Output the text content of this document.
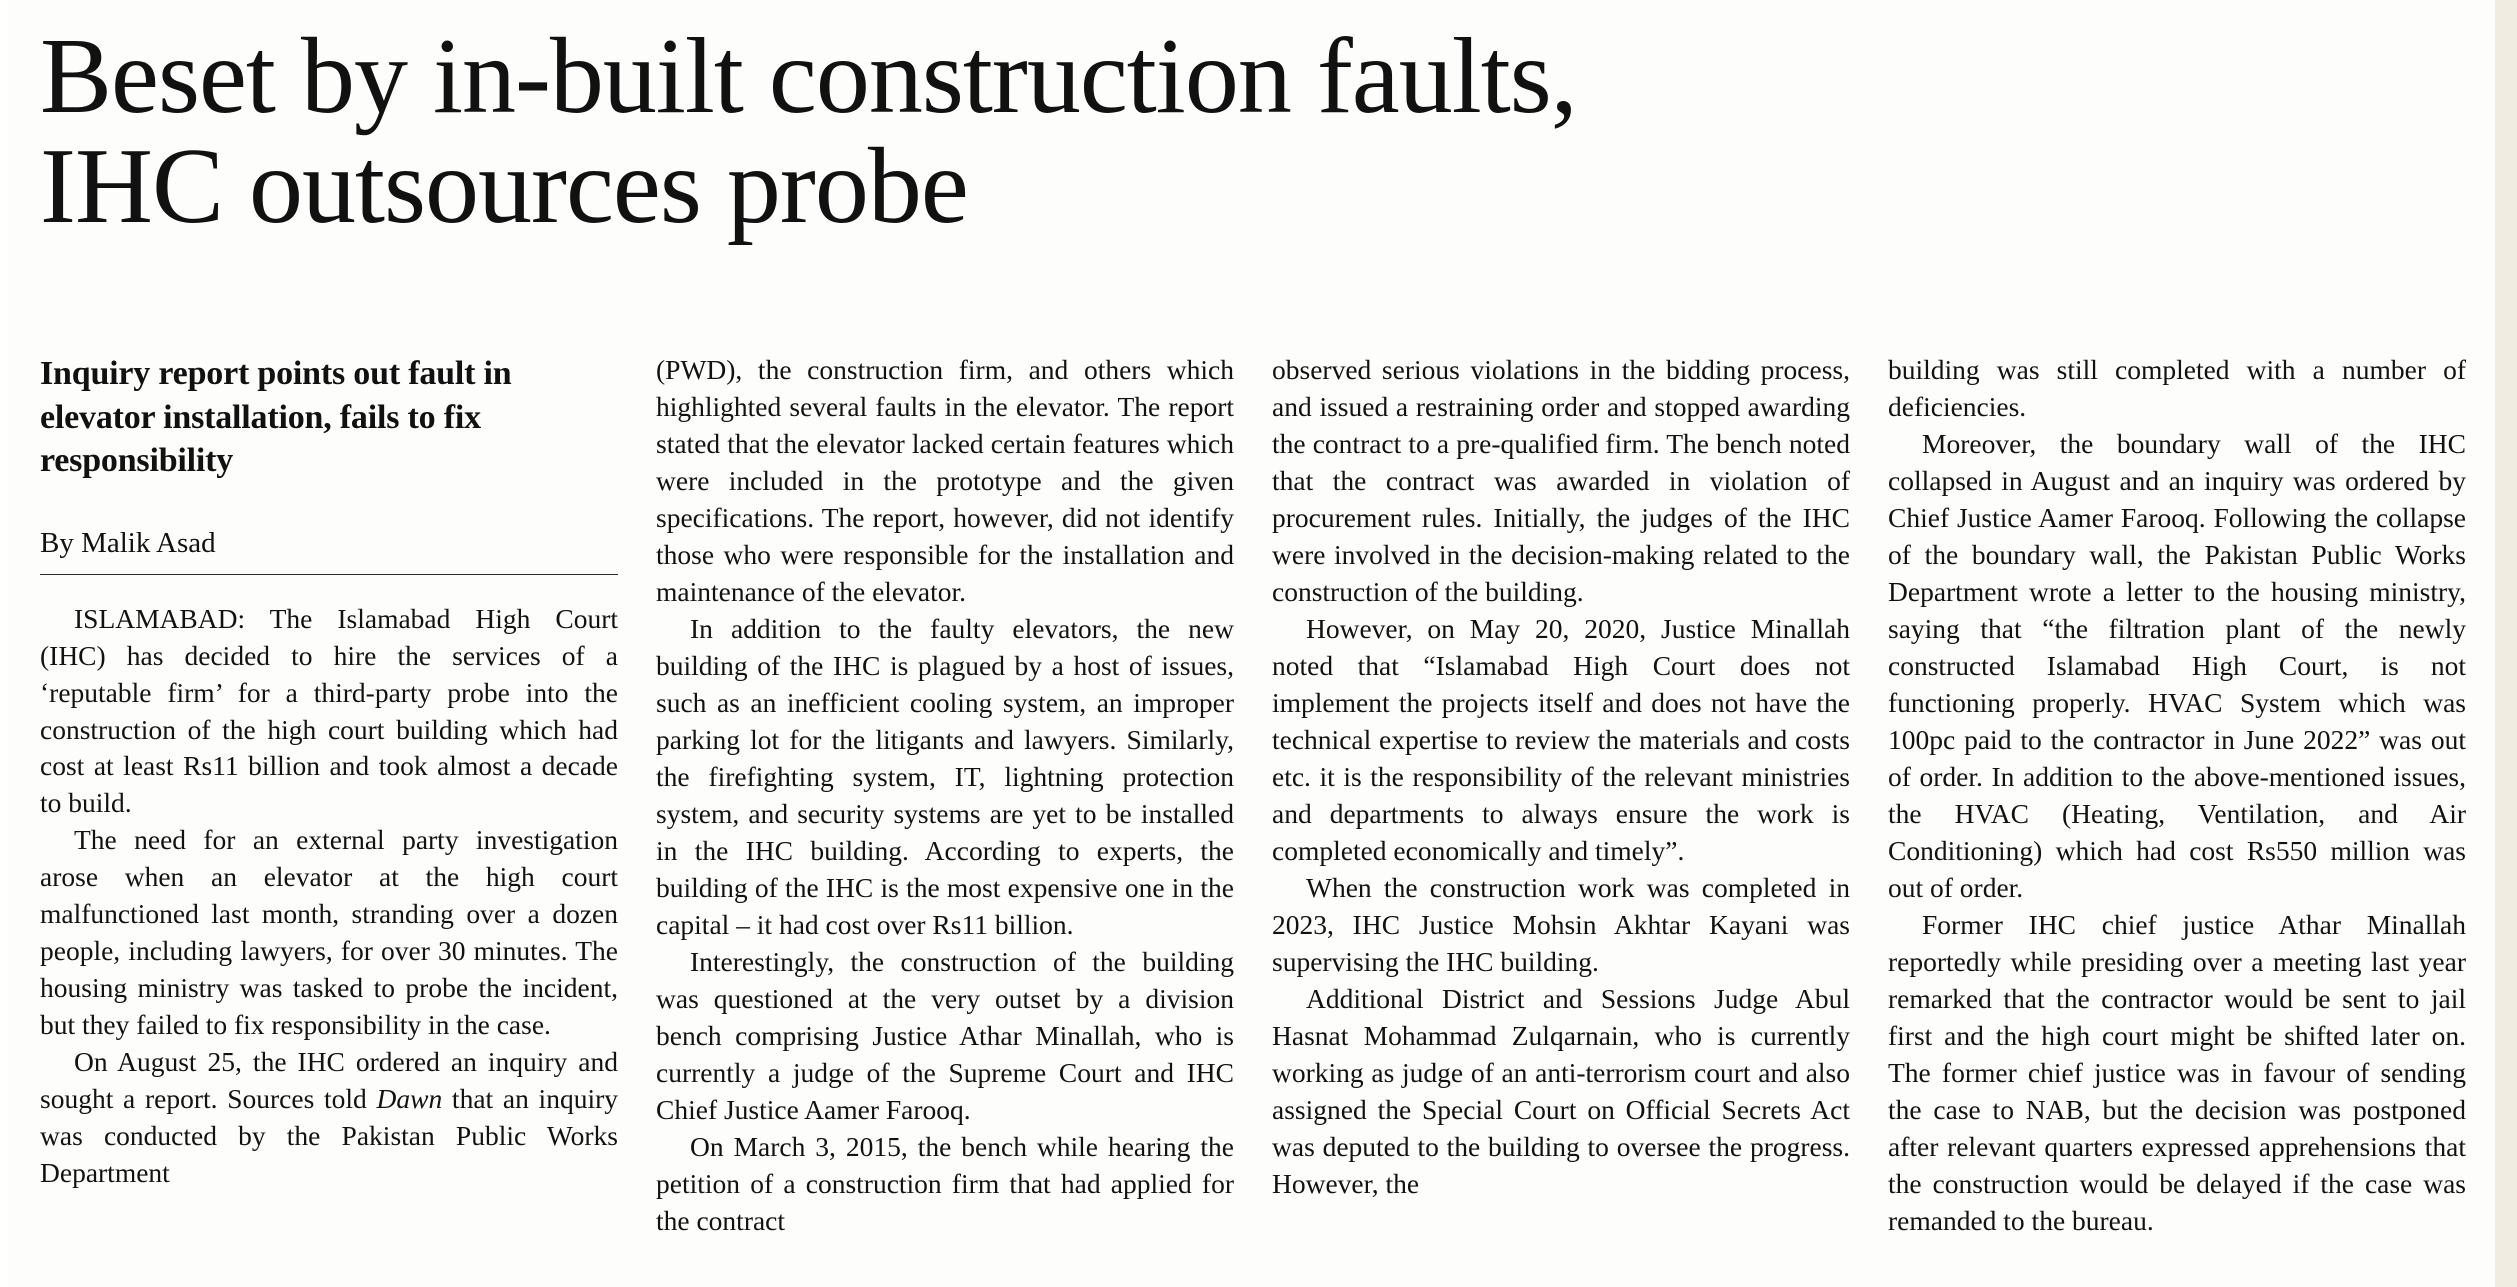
Beset by in-built construction faults,
IHC outsources probe
Inquiry report points out fault in elevator installation, fails to fix responsibility
By Malik Asad

ISLAMABAD: The Islamabad High Court (IHC) has decided to hire the services of a ‘reputable firm’ for a third-party probe into the construction of the high court building which had cost at least Rs11 billion and took almost a decade to build.

The need for an external party investigation arose when an elevator at the high court malfunctioned last month, stranding over a dozen people, including lawyers, for over 30 minutes. The housing ministry was tasked to probe the incident, but they failed to fix responsibility in the case.

On August 25, the IHC ordered an inquiry and sought a report. Sources told Dawn that an inquiry was conducted by the Pakistan Public Works Department

(PWD), the construction firm, and others which highlighted several faults in the elevator. The report stated that the elevator lacked certain features which were included in the prototype and the given specifications. The report, however, did not identify those who were responsible for the installation and maintenance of the elevator.

In addition to the faulty elevators, the new building of the IHC is plagued by a host of issues, such as an inefficient cooling system, an improper parking lot for the litigants and lawyers. Similarly, the firefighting system, IT, lightning protection system, and security systems are yet to be installed in the IHC building. According to experts, the building of the IHC is the most expensive one in the capital – it had cost over Rs11 billion.

Interestingly, the construction of the building was questioned at the very outset by a division bench comprising Justice Athar Minallah, who is currently a judge of the Supreme Court and IHC Chief Justice Aamer Farooq.

On March 3, 2015, the bench while hearing the petition of a construction firm that had applied for the contract

observed serious violations in the bidding process, and issued a restraining order and stopped awarding the contract to a pre-qualified firm. The bench noted that the contract was awarded in violation of procurement rules. Initially, the judges of the IHC were involved in the decision-making related to the construction of the building.

However, on May 20, 2020, Justice Minallah noted that “Islamabad High Court does not implement the projects itself and does not have the technical expertise to review the materials and costs etc. it is the responsibility of the relevant ministries and departments to always ensure the work is completed economically and timely”.

When the construction work was completed in 2023, IHC Justice Mohsin Akhtar Kayani was supervising the IHC building.

Additional District and Sessions Judge Abul Hasnat Mohammad Zulqarnain, who is currently working as judge of an anti-terrorism court and also assigned the Special Court on Official Secrets Act was deputed to the building to oversee the progress. However, the

building was still completed with a number of deficiencies.

Moreover, the boundary wall of the IHC collapsed in August and an inquiry was ordered by Chief Justice Aamer Farooq. Following the collapse of the boundary wall, the Pakistan Public Works Department wrote a letter to the housing ministry, saying that “the filtration plant of the newly constructed Islamabad High Court, is not functioning properly. HVAC System which was 100pc paid to the contractor in June 2022” was out of order. In addition to the above-mentioned issues, the HVAC (Heating, Ventilation, and Air Conditioning) which had cost Rs550 million was out of order.

Former IHC chief justice Athar Minallah reportedly while presiding over a meeting last year remarked that the contractor would be sent to jail first and the high court might be shifted later on. The former chief justice was in favour of sending the case to NAB, but the decision was postponed after relevant quarters expressed apprehensions that the construction would be delayed if the case was remanded to the bureau.
